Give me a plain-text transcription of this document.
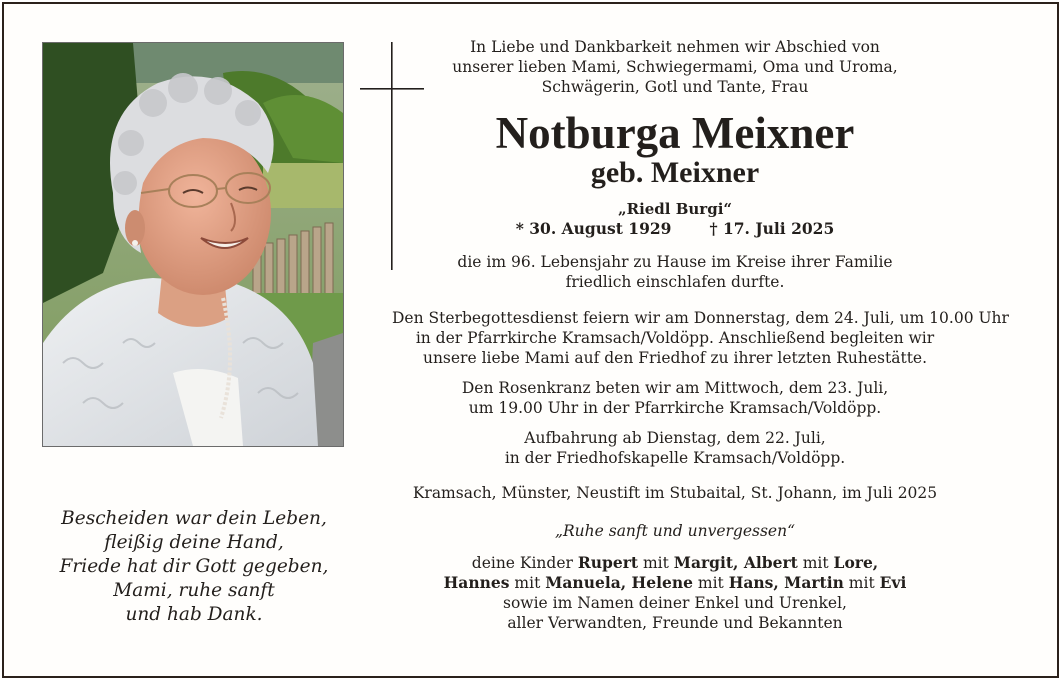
Bescheiden war dein Leben,
fleißig deine Hand,
Friede hat dir Gott gegeben,
Mami, ruhe sanft
und hab Dank.
In Liebe und Dankbarkeit nehmen wir Abschied von
unserer lieben Mami, Schwiegermami, Oma und Uroma,
Schwägerin, Gotl und Tante, Frau
Notburga Meixner
geb. Meixner
„Riedl Burgi“
* 30. August 1929 † 17. Juli 2025
die im 96. Lebensjahr zu Hause im Kreise ihrer Familie
friedlich einschlafen durfte.
Den Sterbegottesdienst feiern wir am Donnerstag, dem 24. Juli, um 10.00 Uhr
in der Pfarrkirche Kramsach/Voldöpp. Anschließend begleiten wir
unsere liebe Mami auf den Friedhof zu ihrer letzten Ruhestätte.
Den Rosenkranz beten wir am Mittwoch, dem 23. Juli,
um 19.00 Uhr in der Pfarrkirche Kramsach/Voldöpp.
Aufbahrung ab Dienstag, dem 22. Juli,
in der Friedhofskapelle Kramsach/Voldöpp.
Kramsach, Münster, Neustift im Stubaital, St. Johann, im Juli 2025
„Ruhe sanft und unvergessen“
deine Kinder Rupert mit Margit, Albert mit Lore,
Hannes mit Manuela, Helene mit Hans, Martin mit Evi
sowie im Namen deiner Enkel und Urenkel,
aller Verwandten, Freunde und Bekannten
